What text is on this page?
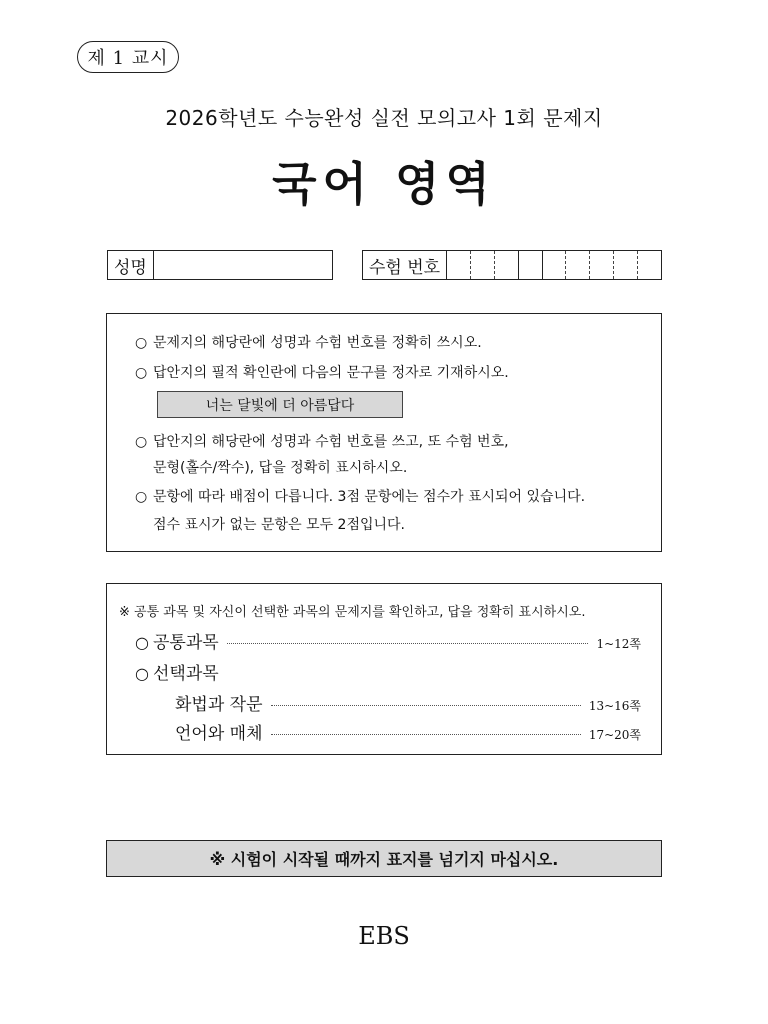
제 1 교시
2026학년도 수능완성 실전 모의고사 1회 문제지
국어 영역
성명	수험 번호
○ 문제지의 해당란에 성명과 수험 번호를 정확히 쓰시오.
○ 답안지의 필적 확인란에 다음의 문구를 정자로 기재하시오.
너는 달빛에 더 아름답다
○ 답안지의 해당란에 성명과 수험 번호를 쓰고, 또 수험 번호,
문형(홀수/짝수), 답을 정확히 표시하시오.
○ 문항에 따라 배점이 다릅니다. 3점 문항에는 점수가 표시되어 있습니다.
점수 표시가 없는 문항은 모두 2점입니다.
※ 공통 과목 및 자신이 선택한 과목의 문제지를 확인하고, 답을 정확히 표시하시오.
○ 공통과목	1~12쪽
○ 선택과목
화법과 작문	13~16쪽
언어와 매체	17~20쪽
※ 시험이 시작될 때까지 표지를 넘기지 마십시오.
EBS
